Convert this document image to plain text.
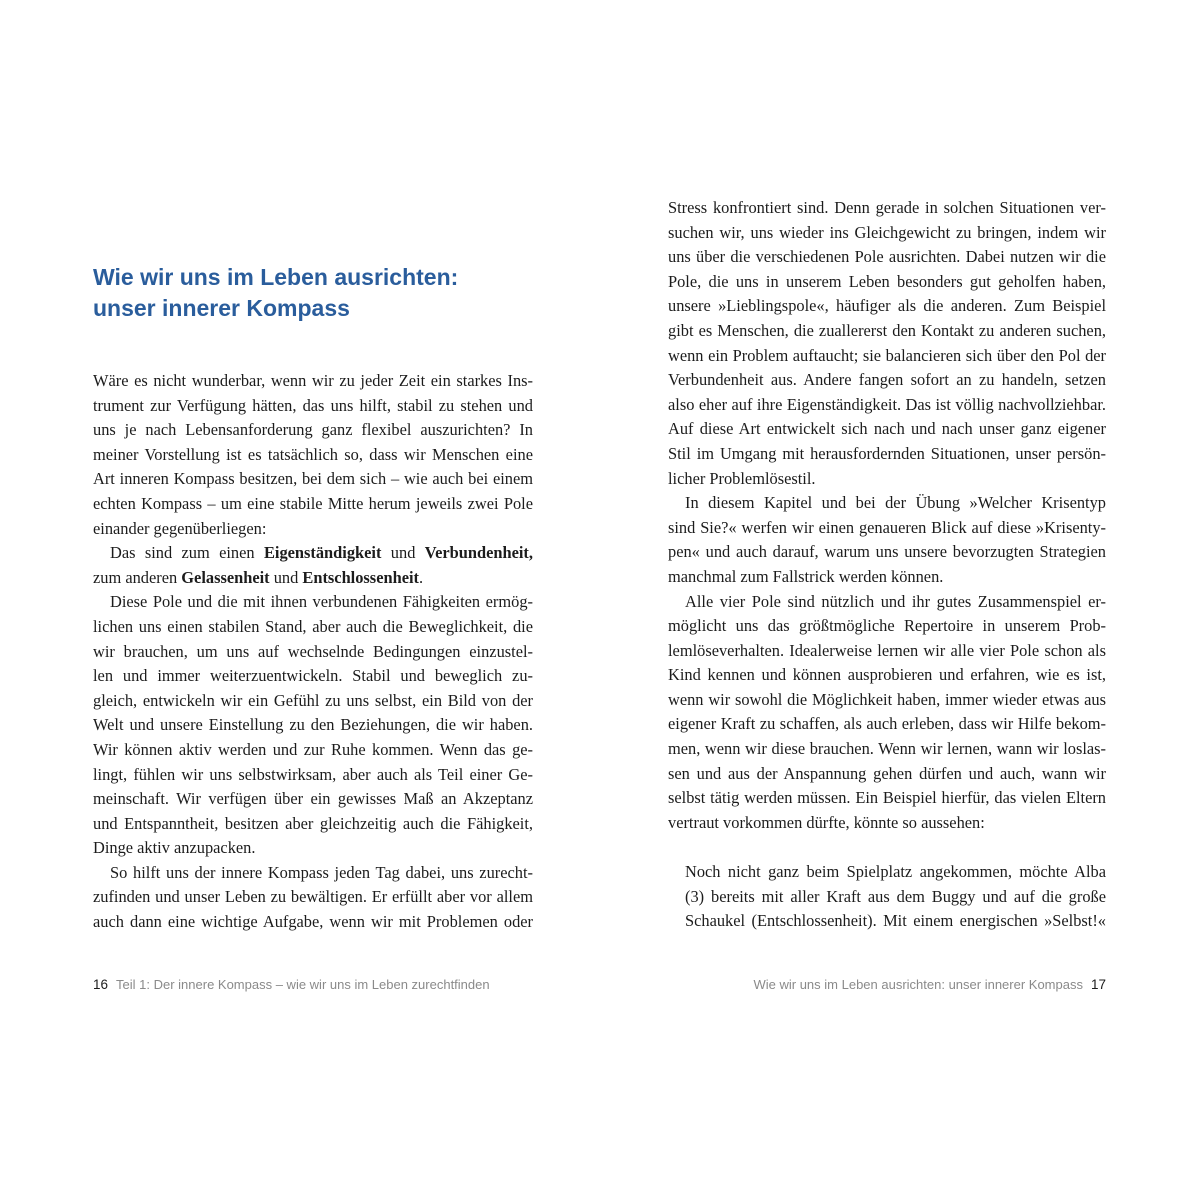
Wie wir uns im Leben ausrichten:
unser innerer Kompass
Wäre es nicht wunderbar, wenn wir zu jeder Zeit ein starkes Ins-
trument zur Verfügung hätten, das uns hilft, stabil zu stehen und
uns je nach Lebensanforderung ganz flexibel auszurichten? In
meiner Vorstellung ist es tatsächlich so, dass wir Menschen eine
Art inneren Kompass besitzen, bei dem sich – wie auch bei einem
echten Kompass – um eine stabile Mitte herum jeweils zwei Pole
einander gegenüberliegen:
Das sind zum einen Eigenständigkeit und Verbundenheit,
zum anderen Gelassenheit und Entschlossenheit.
Diese Pole und die mit ihnen verbundenen Fähigkeiten ermög-
lichen uns einen stabilen Stand, aber auch die Beweglichkeit, die
wir brauchen, um uns auf wechselnde Bedingungen einzustel-
len und immer weiterzuentwickeln. Stabil und beweglich zu-
gleich, entwickeln wir ein Gefühl zu uns selbst, ein Bild von der
Welt und unsere Einstellung zu den Beziehungen, die wir haben.
Wir können aktiv werden und zur Ruhe kommen. Wenn das ge-
lingt, fühlen wir uns selbstwirksam, aber auch als Teil einer Ge-
meinschaft. Wir verfügen über ein gewisses Maß an Akzeptanz
und Entspanntheit, besitzen aber gleichzeitig auch die Fähigkeit,
Dinge aktiv anzupacken.
So hilft uns der innere Kompass jeden Tag dabei, uns zurecht-
zufinden und unser Leben zu bewältigen. Er erfüllt aber vor allem
auch dann eine wichtige Aufgabe, wenn wir mit Problemen oder
16 Teil 1: Der innere Kompass – wie wir uns im Leben zurechtfinden
Stress konfrontiert sind. Denn gerade in solchen Situationen ver-
suchen wir, uns wieder ins Gleichgewicht zu bringen, indem wir
uns über die verschiedenen Pole ausrichten. Dabei nutzen wir die
Pole, die uns in unserem Leben besonders gut geholfen haben,
unsere »Lieblingspole«, häufiger als die anderen. Zum Beispiel
gibt es Menschen, die zuallererst den Kontakt zu anderen suchen,
wenn ein Problem auftaucht; sie balancieren sich über den Pol der
Verbundenheit aus. Andere fangen sofort an zu handeln, setzen
also eher auf ihre Eigenständigkeit. Das ist völlig nachvollziehbar.
Auf diese Art entwickelt sich nach und nach unser ganz eigener
Stil im Umgang mit herausfordernden Situationen, unser persön-
licher Problemlösestil.
In diesem Kapitel und bei der Übung »Welcher Krisentyp
sind Sie?« werfen wir einen genaueren Blick auf diese »Krisenty-
pen« und auch darauf, warum uns unsere bevorzugten Strategien
manchmal zum Fallstrick werden können.
Alle vier Pole sind nützlich und ihr gutes Zusammenspiel er-
möglicht uns das größtmögliche Repertoire in unserem Prob-
lemlöseverhalten. Idealerweise lernen wir alle vier Pole schon als
Kind kennen und können ausprobieren und erfahren, wie es ist,
wenn wir sowohl die Möglichkeit haben, immer wieder etwas aus
eigener Kraft zu schaffen, als auch erleben, dass wir Hilfe bekom-
men, wenn wir diese brauchen. Wenn wir lernen, wann wir loslas-
sen und aus der Anspannung gehen dürfen und auch, wann wir
selbst tätig werden müssen. Ein Beispiel hierfür, das vielen Eltern
vertraut vorkommen dürfte, könnte so aussehen:
Noch nicht ganz beim Spielplatz angekommen, möchte Alba
(3) bereits mit aller Kraft aus dem Buggy und auf die große
Schaukel (Entschlossenheit). Mit einem energischen »Selbst!«
Wie wir uns im Leben ausrichten: unser innerer Kompass 17
